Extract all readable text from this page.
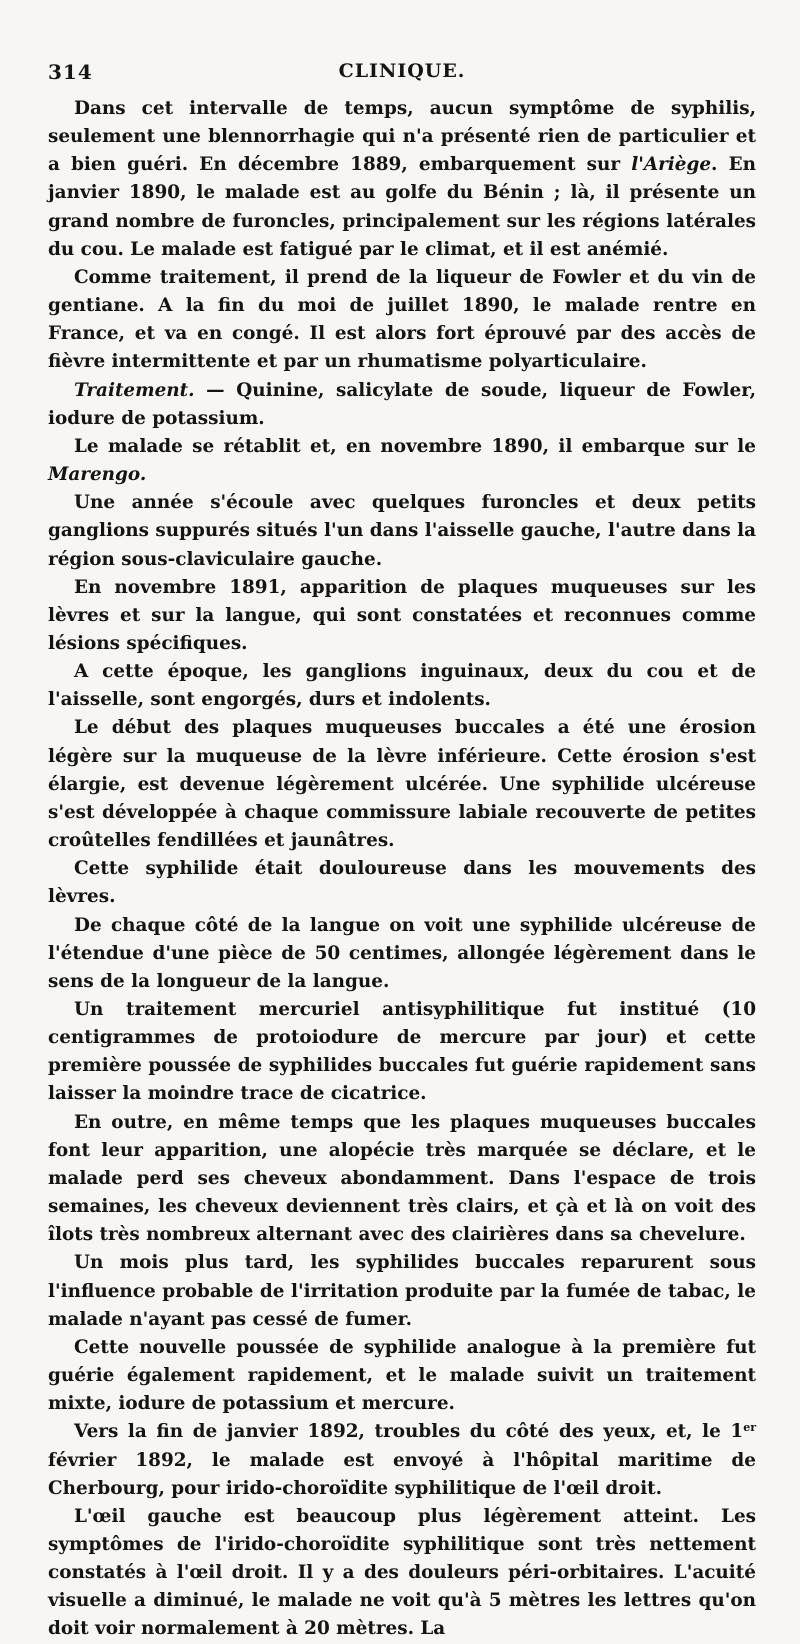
314	CLINIQUE.

Dans cet intervalle de temps, aucun symptôme de syphilis, seulement une blennorrhagie qui n'a présenté rien de particulier et a bien guéri. En décembre 1889, embarquement sur l'Ariège. En janvier 1890, le malade est au golfe du Bénin ; là, il présente un grand nombre de furoncles, principalement sur les régions latérales du cou. Le malade est fatigué par le climat, et il est anémié.

Comme traitement, il prend de la liqueur de Fowler et du vin de gentiane. A la fin du moi de juillet 1890, le malade rentre en France, et va en congé. Il est alors fort éprouvé par des accès de fièvre intermittente et par un rhumatisme polyarticulaire.

Traitement. — Quinine, salicylate de soude, liqueur de Fowler, iodure de potassium.

Le malade se rétablit et, en novembre 1890, il embarque sur le Marengo.

Une année s'écoule avec quelques furoncles et deux petits ganglions suppurés situés l'un dans l'aisselle gauche, l'autre dans la région sous-claviculaire gauche.

En novembre 1891, apparition de plaques muqueuses sur les lèvres et sur la langue, qui sont constatées et reconnues comme lésions spécifiques.

A cette époque, les ganglions inguinaux, deux du cou et de l'aisselle, sont engorgés, durs et indolents.

Le début des plaques muqueuses buccales a été une érosion légère sur la muqueuse de la lèvre inférieure. Cette érosion s'est élargie, est devenue légèrement ulcérée. Une syphilide ulcéreuse s'est développée à chaque commissure labiale recouverte de petites croûtelles fendillées et jaunâtres.

Cette syphilide était douloureuse dans les mouvements des lèvres.

De chaque côté de la langue on voit une syphilide ulcéreuse de l'étendue d'une pièce de 50 centimes, allongée légèrement dans le sens de la longueur de la langue.

Un traitement mercuriel antisyphilitique fut institué (10 centigrammes de protoiodure de mercure par jour) et cette première poussée de syphilides buccales fut guérie rapidement sans laisser la moindre trace de cicatrice.

En outre, en même temps que les plaques muqueuses buccales font leur apparition, une alopécie très marquée se déclare, et le malade perd ses cheveux abondamment. Dans l'espace de trois semaines, les cheveux deviennent très clairs, et çà et là on voit des îlots très nombreux alternant avec des clairières dans sa chevelure.

Un mois plus tard, les syphilides buccales reparurent sous l'influence probable de l'irritation produite par la fumée de tabac, le malade n'ayant pas cessé de fumer.

Cette nouvelle poussée de syphilide analogue à la première fut guérie également rapidement, et le malade suivit un traitement mixte, iodure de potassium et mercure.

Vers la fin de janvier 1892, troubles du côté des yeux, et, le 1er février 1892, le malade est envoyé à l'hôpital maritime de Cherbourg, pour irido-choroïdite syphilitique de l'œil droit.

L'œil gauche est beaucoup plus légèrement atteint. Les symptômes de l'irido-choroïdite syphilitique sont très nettement constatés à l'œil droit. Il y a des douleurs péri-orbitaires. L'acuité visuelle a diminué, le malade ne voit qu'à 5 mètres les lettres qu'on doit voir normalement à 20 mètres. La
